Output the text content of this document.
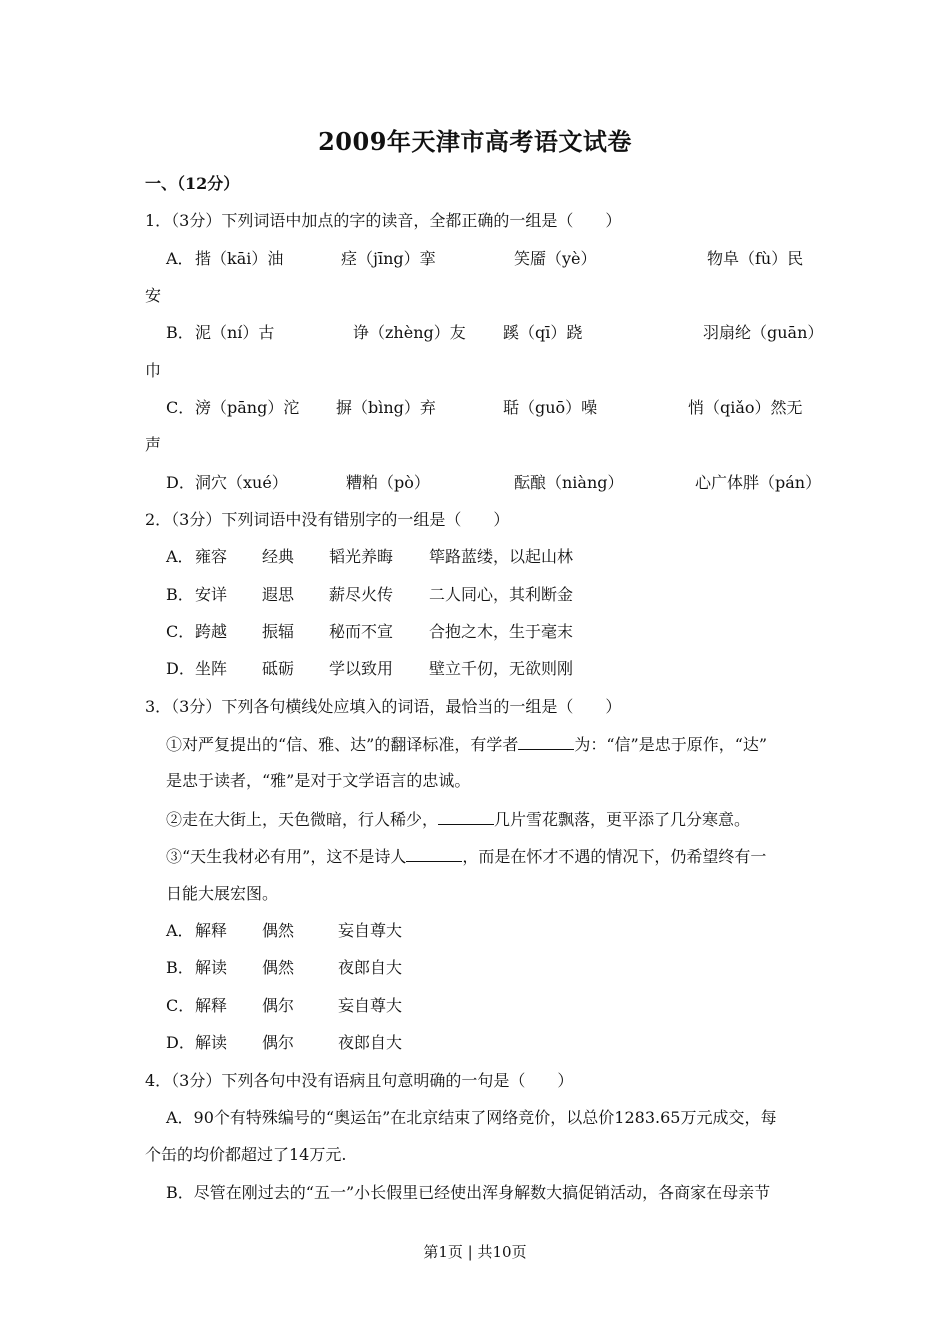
2009年天津市高考语文试卷
一、（12分）
1．（3分）下列词语中加点的字的读音，全都正确的一组是（　　）
A． 揩（kāi）油	痉（jīng）挛	笑靥（yè）	物阜（fù）民
安
B． 泥（ní）古	诤（zhèng）友 蹊（qī）跷	羽扇纶（guān）
巾
C． 滂（pāng）沱 摒（bìng）弃	聒（guō）噪	悄（qiǎo）然无
声
D． 洞穴（xué）	糟粕（pò）	酝酿（niàng）	心广体胖（pán）
2．（3分）下列词语中没有错别字的一组是（　　）
A． 雍容 经典 韬光养晦 筚路蓝缕，以起山林
B． 安详 遐思 薪尽火传 二人同心，其利断金
C． 跨越 振辐 秘而不宣 合抱之木，生于毫末
D． 坐阵 砥砺 学以致用 壁立千仞，无欲则刚
3．（3分）下列各句横线处应填入的词语，最恰当的一组是（　　）
①对严复提出的“信、雅、达”的翻译标准，有学者	为：“信”是忠于原作，“达”
是忠于读者，“雅”是对于文学语言的忠诚。
②走在大街上，天色微暗，行人稀少，	几片雪花飘落，更平添了几分寒意。
③“天生我材必有用”，这不是诗人	，而是在怀才不遇的情况下，仍希望终有一
日能大展宏图。
A． 解释 偶然	妄自尊大
B． 解读 偶然	夜郎自大
C． 解释 偶尔	妄自尊大
D． 解读 偶尔	夜郎自大
4．（3分）下列各句中没有语病且句意明确的一句是（　　）
A．90个有特殊编号的“奥运缶”在北京结束了网络竞价，以总价1283.65万元成交，每
个缶的均价都超过了14万元.
B．尽管在刚过去的“五一”小长假里已经使出浑身解数大搞促销活动，各商家在母亲节
第1页 | 共10页
